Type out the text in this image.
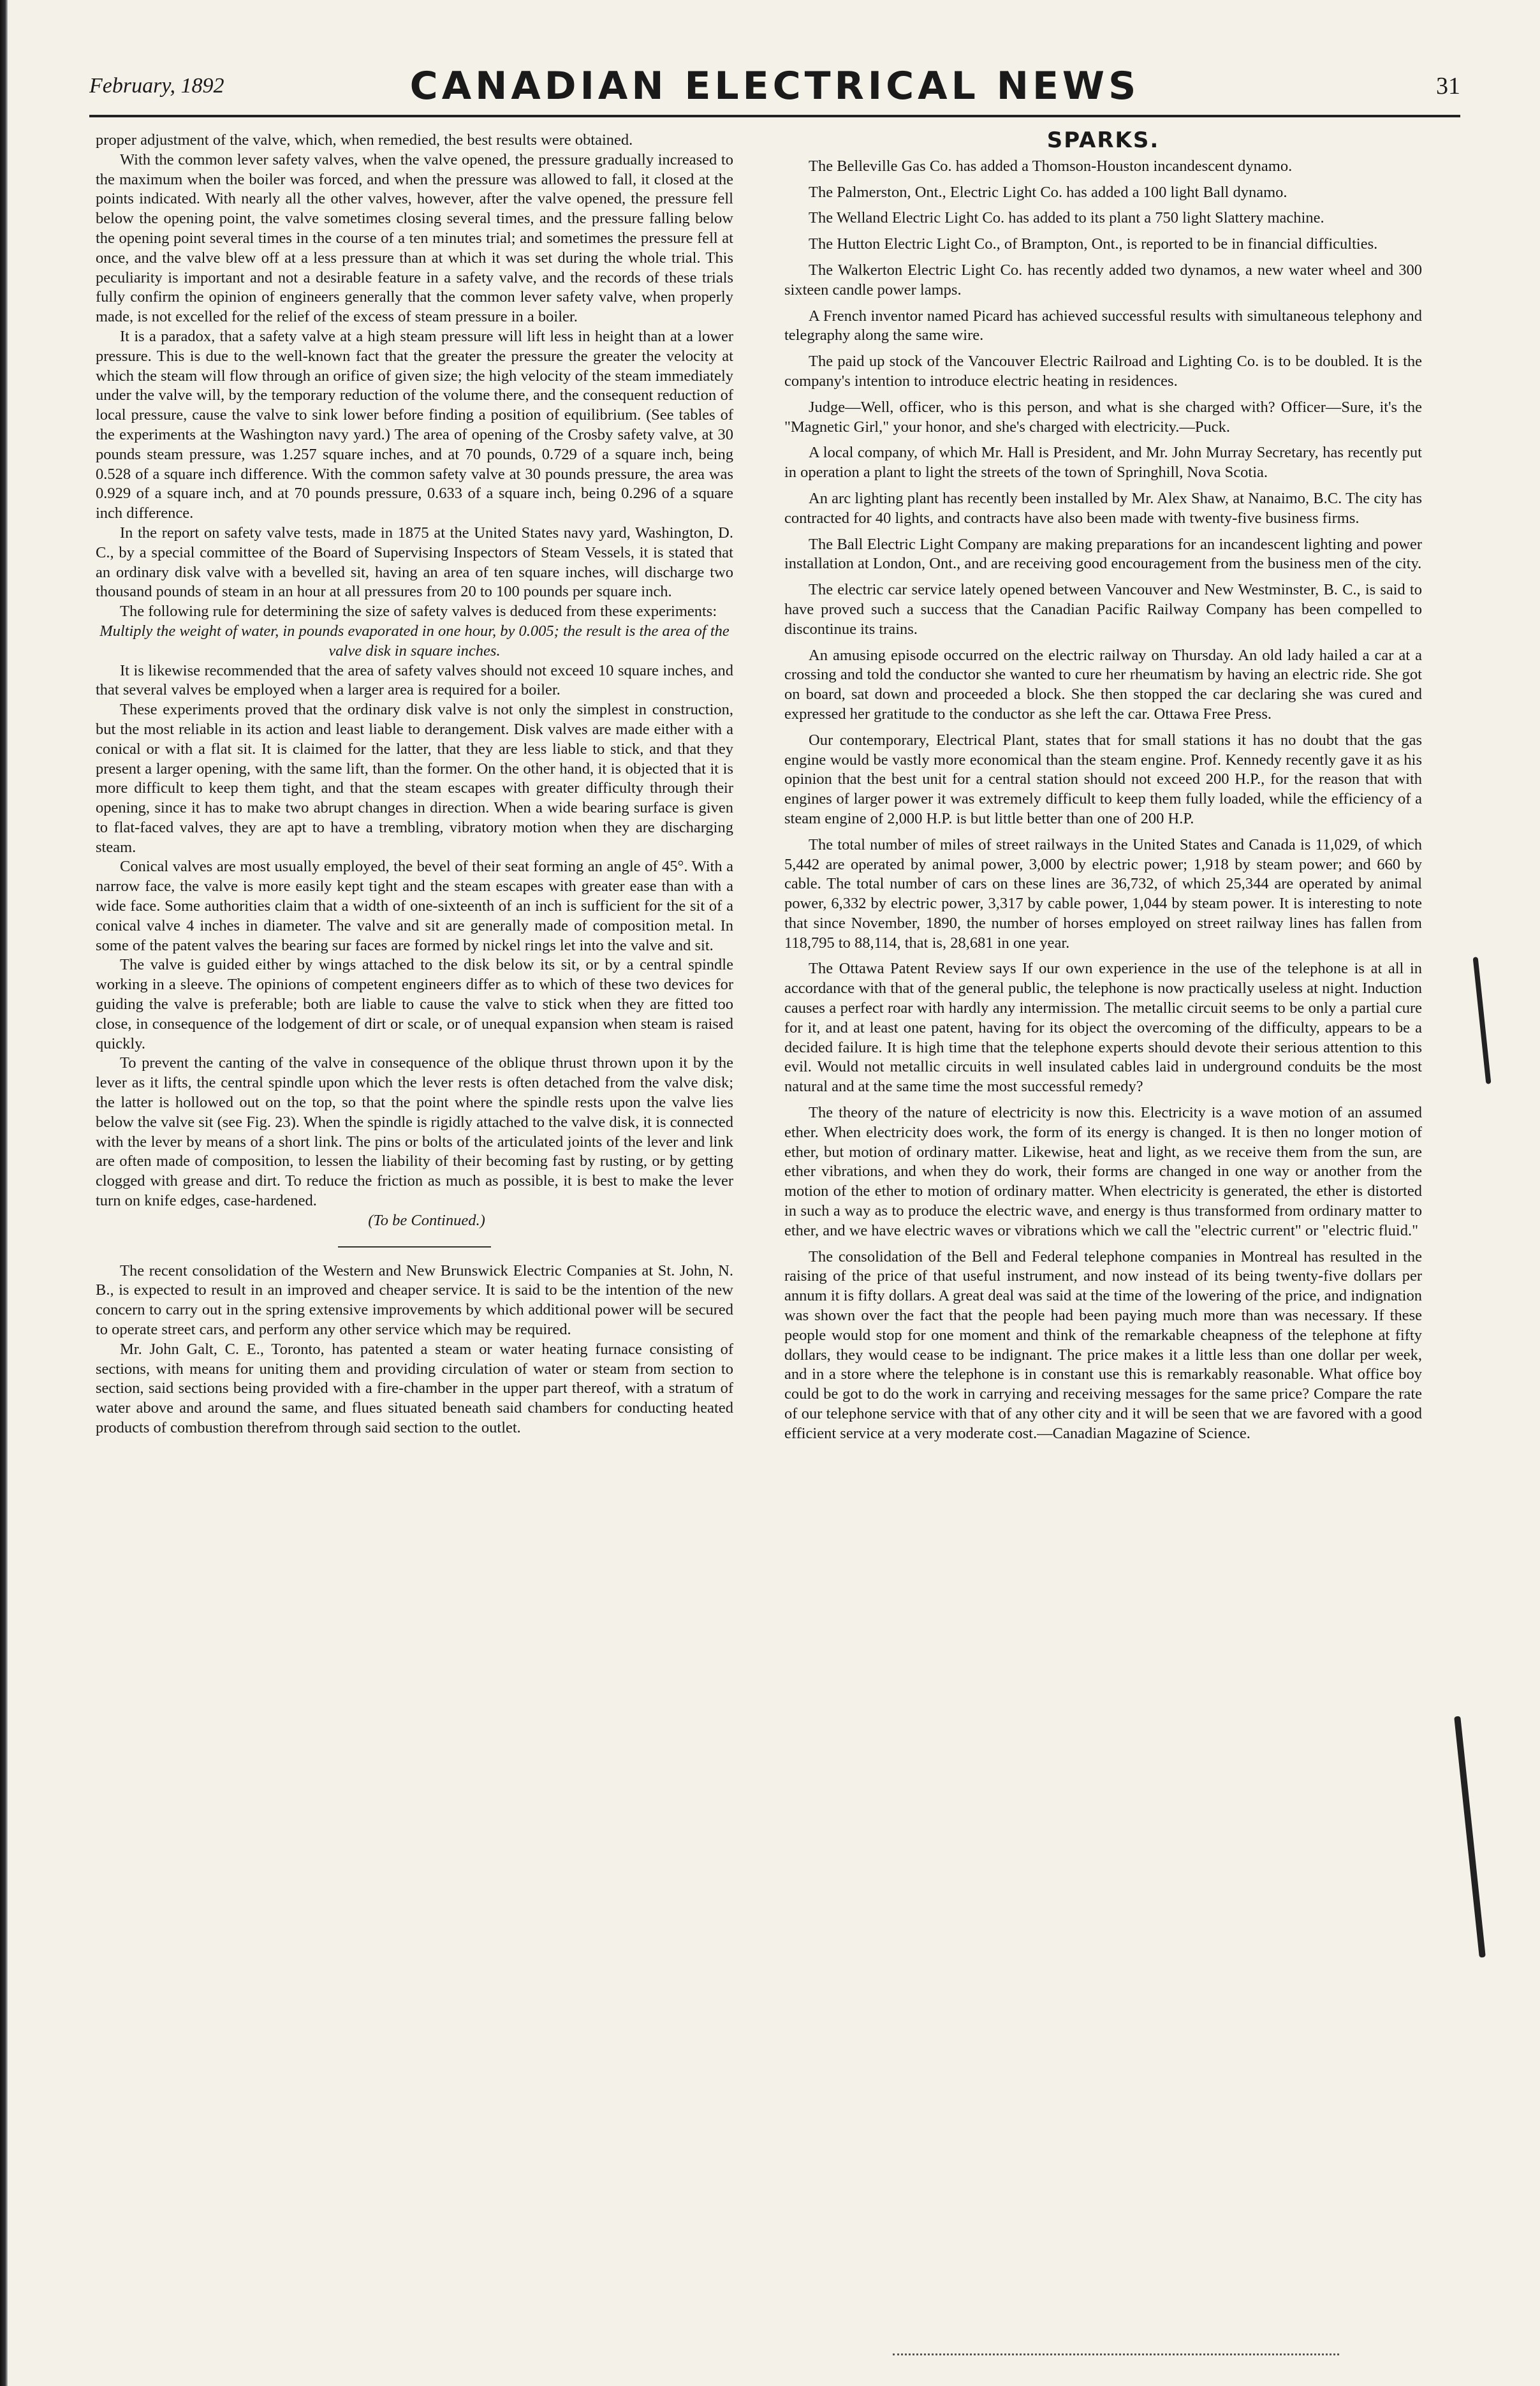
February, 1892	CANADIAN ELECTRICAL NEWS	31

proper adjustment of the valve, which, when remedied, the best results were obtained.

With the common lever safety valves, when the valve opened, the pressure gradually increased to the maximum when the boiler was forced, and when the pressure was allowed to fall, it closed at the points indicated. With nearly all the other valves, however, after the valve opened, the pressure fell below the opening point, the valve sometimes closing several times, and the pressure falling below the opening point several times in the course of a ten minutes trial; and sometimes the pressure fell at once, and the valve blew off at a less pressure than at which it was set during the whole trial. This peculiarity is important and not a desirable feature in a safety valve, and the records of these trials fully confirm the opinion of engineers generally that the common lever safety valve, when properly made, is not excelled for the relief of the excess of steam pressure in a boiler.

It is a paradox, that a safety valve at a high steam pressure will lift less in height than at a lower pressure. This is due to the well-known fact that the greater the pressure the greater the velocity at which the steam will flow through an orifice of given size; the high velocity of the steam immediately under the valve will, by the temporary reduction of the volume there, and the consequent reduction of local pressure, cause the valve to sink lower before finding a position of equilibrium. (See tables of the experiments at the Washington navy yard.) The area of opening of the Crosby safety valve, at 30 pounds steam pressure, was 1.257 square inches, and at 70 pounds, 0.729 of a square inch, being 0.528 of a square inch difference. With the common safety valve at 30 pounds pressure, the area was 0.929 of a square inch, and at 70 pounds pressure, 0.633 of a square inch, being 0.296 of a square inch difference.

In the report on safety valve tests, made in 1875 at the United States navy yard, Washington, D. C., by a special committee of the Board of Supervising Inspectors of Steam Vessels, it is stated that an ordinary disk valve with a bevelled sit, having an area of ten square inches, will discharge two thousand pounds of steam in an hour at all pressures from 20 to 100 pounds per square inch.

The following rule for determining the size of safety valves is deduced from these experiments:

Multiply the weight of water, in pounds evaporated in one hour, by 0.005; the result is the area of the valve disk in square inches.

It is likewise recommended that the area of safety valves should not exceed 10 square inches, and that several valves be employed when a larger area is required for a boiler.

These experiments proved that the ordinary disk valve is not only the simplest in construction, but the most reliable in its action and least liable to derangement. Disk valves are made either with a conical or with a flat sit. It is claimed for the latter, that they are less liable to stick, and that they present a larger opening, with the same lift, than the former. On the other hand, it is objected that it is more difficult to keep them tight, and that the steam escapes with greater difficulty through their opening, since it has to make two abrupt changes in direction. When a wide bearing surface is given to flat-faced valves, they are apt to have a trembling, vibratory motion when they are discharging steam.

Conical valves are most usually employed, the bevel of their seat forming an angle of 45°. With a narrow face, the valve is more easily kept tight and the steam escapes with greater ease than with a wide face. Some authorities claim that a width of one-sixteenth of an inch is sufficient for the sit of a conical valve 4 inches in diameter. The valve and sit are generally made of composition metal. In some of the patent valves the bearing sur faces are formed by nickel rings let into the valve and sit.

The valve is guided either by wings attached to the disk below its sit, or by a central spindle working in a sleeve. The opinions of competent engineers differ as to which of these two devices for guiding the valve is preferable; both are liable to cause the valve to stick when they are fitted too close, in consequence of the lodgement of dirt or scale, or of unequal expansion when steam is raised quickly.

To prevent the canting of the valve in consequence of the oblique thrust thrown upon it by the lever as it lifts, the central spindle upon which the lever rests is often detached from the valve disk; the latter is hollowed out on the top, so that the point where the spindle rests upon the valve lies below the valve sit (see Fig. 23). When the spindle is rigidly attached to the valve disk, it is connected with the lever by means of a short link. The pins or bolts of the articulated joints of the lever and link are often made of composition, to lessen the liability of their becoming fast by rusting, or by getting clogged with grease and dirt. To reduce the friction as much as possible, it is best to make the lever turn on knife edges, case-hardened.

(To be Continued.)

The recent consolidation of the Western and New Brunswick Electric Companies at St. John, N. B., is expected to result in an improved and cheaper service. It is said to be the intention of the new concern to carry out in the spring extensive improvements by which additional power will be secured to operate street cars, and perform any other service which may be required.

Mr. John Galt, C. E., Toronto, has patented a steam or water heating furnace consisting of sections, with means for uniting them and providing circulation of water or steam from section to section, said sections being provided with a fire-chamber in the upper part thereof, with a stratum of water above and around the same, and flues situated beneath said chambers for conducting heated products of combustion therefrom through said section to the outlet.

SPARKS.

The Belleville Gas Co. has added a Thomson-Houston incandescent dynamo.

The Palmerston, Ont., Electric Light Co. has added a 100 light Ball dynamo.

The Welland Electric Light Co. has added to its plant a 750 light Slattery machine.

The Hutton Electric Light Co., of Brampton, Ont., is reported to be in financial difficulties.

The Walkerton Electric Light Co. has recently added two dynamos, a new water wheel and 300 sixteen candle power lamps.

A French inventor named Picard has achieved successful results with simultaneous telephony and telegraphy along the same wire.

The paid up stock of the Vancouver Electric Railroad and Lighting Co. is to be doubled. It is the company's intention to introduce electric heating in residences.

Judge—Well, officer, who is this person, and what is she charged with? Officer—Sure, it's the "Magnetic Girl," your honor, and she's charged with electricity.—Puck.

A local company, of which Mr. Hall is President, and Mr. John Murray Secretary, has recently put in operation a plant to light the streets of the town of Springhill, Nova Scotia.

An arc lighting plant has recently been installed by Mr. Alex Shaw, at Nanaimo, B.C. The city has contracted for 40 lights, and contracts have also been made with twenty-five business firms.

The Ball Electric Light Company are making preparations for an incandescent lighting and power installation at London, Ont., and are receiving good encouragement from the business men of the city.

The electric car service lately opened between Vancouver and New Westminster, B. C., is said to have proved such a success that the Canadian Pacific Railway Company has been compelled to discontinue its trains.

An amusing episode occurred on the electric railway on Thursday. An old lady hailed a car at a crossing and told the conductor she wanted to cure her rheumatism by having an electric ride. She got on board, sat down and proceeded a block. She then stopped the car declaring she was cured and expressed her gratitude to the conductor as she left the car. Ottawa Free Press.

Our contemporary, Electrical Plant, states that for small stations it has no doubt that the gas engine would be vastly more economical than the steam engine. Prof. Kennedy recently gave it as his opinion that the best unit for a central station should not exceed 200 H.P., for the reason that with engines of larger power it was extremely difficult to keep them fully loaded, while the efficiency of a steam engine of 2,000 H.P. is but little better than one of 200 H.P.

The total number of miles of street railways in the United States and Canada is 11,029, of which 5,442 are operated by animal power, 3,000 by electric power; 1,918 by steam power; and 660 by cable. The total number of cars on these lines are 36,732, of which 25,344 are operated by animal power, 6,332 by electric power, 3,317 by cable power, 1,044 by steam power. It is interesting to note that since November, 1890, the number of horses employed on street railway lines has fallen from 118,795 to 88,114, that is, 28,681 in one year.

The Ottawa Patent Review says If our own experience in the use of the telephone is at all in accordance with that of the general public, the telephone is now practically useless at night. Induction causes a perfect roar with hardly any intermission. The metallic circuit seems to be only a partial cure for it, and at least one patent, having for its object the overcoming of the difficulty, appears to be a decided failure. It is high time that the telephone experts should devote their serious attention to this evil. Would not metallic circuits in well insulated cables laid in underground conduits be the most natural and at the same time the most successful remedy?

The theory of the nature of electricity is now this. Electricity is a wave motion of an assumed ether. When electricity does work, the form of its energy is changed. It is then no longer motion of ether, but motion of ordinary matter. Likewise, heat and light, as we receive them from the sun, are ether vibrations, and when they do work, their forms are changed in one way or another from the motion of the ether to motion of ordinary matter. When electricity is generated, the ether is distorted in such a way as to produce the electric wave, and energy is thus transformed from ordinary matter to ether, and we have electric waves or vibrations which we call the "electric current" or "electric fluid."

The consolidation of the Bell and Federal telephone companies in Montreal has resulted in the raising of the price of that useful instrument, and now instead of its being twenty-five dollars per annum it is fifty dollars. A great deal was said at the time of the lowering of the price, and indignation was shown over the fact that the people had been paying much more than was necessary. If these people would stop for one moment and think of the remarkable cheapness of the telephone at fifty dollars, they would cease to be indignant. The price makes it a little less than one dollar per week, and in a store where the telephone is in constant use this is remarkably reasonable. What office boy could be got to do the work in carrying and receiving messages for the same price? Compare the rate of our telephone service with that of any other city and it will be seen that we are favored with a good efficient service at a very moderate cost.—Canadian Magazine of Science.
